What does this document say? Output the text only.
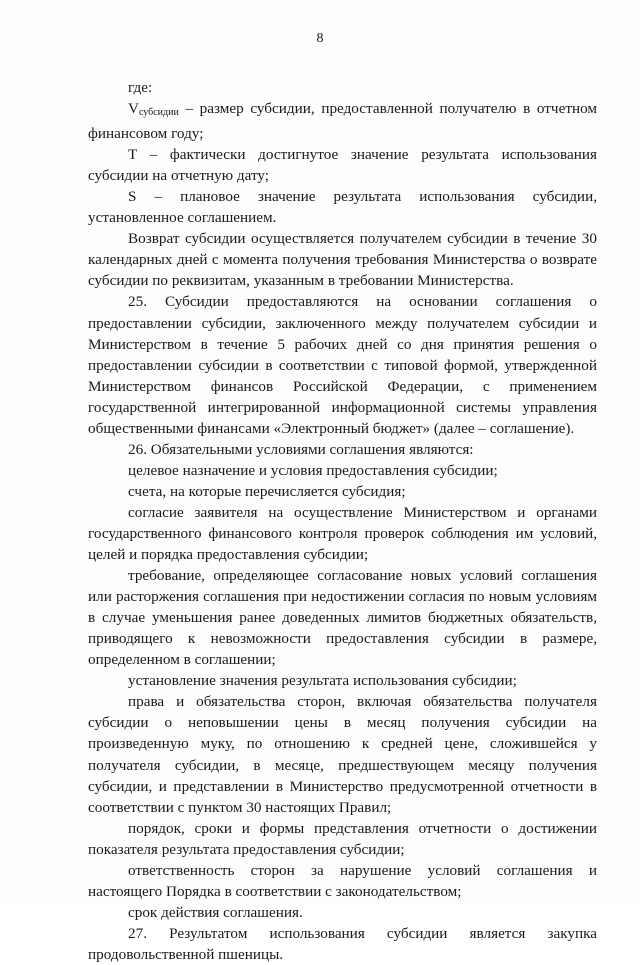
8

где:

$V_{субсидии}$ – размер субсидии, предоставленной получателю в отчетном финансовом году;

T – фактически достигнутое значение результата использования субсидии на отчетную дату;

S – плановое значение результата использования субсидии, установленное соглашением.

Возврат субсидии осуществляется получателем субсидии в течение 30 календарных дней с момента получения требования Министерства о возврате субсидии по реквизитам, указанным в требовании Министерства.

25. Субсидии предоставляются на основании соглашения о предоставлении субсидии, заключенного между получателем субсидии и Министерством в течение 5 рабочих дней со дня принятия решения о предоставлении субсидии в соответствии с типовой формой, утвержденной Министерством финансов Российской Федерации, с применением государственной интегрированной информационной системы управления общественными финансами «Электронный бюджет» (далее – соглашение).

26. Обязательными условиями соглашения являются:

целевое назначение и условия предоставления субсидии;

счета, на которые перечисляется субсидия;

согласие заявителя на осуществление Министерством и органами государственного финансового контроля проверок соблюдения им условий, целей и порядка предоставления субсидии;

требование, определяющее согласование новых условий соглашения или расторжения соглашения при недостижении согласия по новым условиям в случае уменьшения ранее доведенных лимитов бюджетных обязательств, приводящего к невозможности предоставления субсидии в размере, определенном в соглашении;

установление значения результата использования субсидии;

права и обязательства сторон, включая обязательства получателя субсидии о неповышении цены в месяц получения субсидии на произведенную муку, по отношению к средней цене, сложившейся у получателя субсидии, в месяце, предшествующем месяцу получения субсидии, и представлении в Министерство предусмотренной отчетности в соответствии с пунктом 30 настоящих Правил;

порядок, сроки и формы представления отчетности о достижении показателя результата предоставления субсидии;

ответственность сторон за нарушение условий соглашения и настоящего Порядка в соответствии с законодательством;

срок действия соглашения.

27. Результатом использования субсидии является закупка продовольственной пшеницы.
